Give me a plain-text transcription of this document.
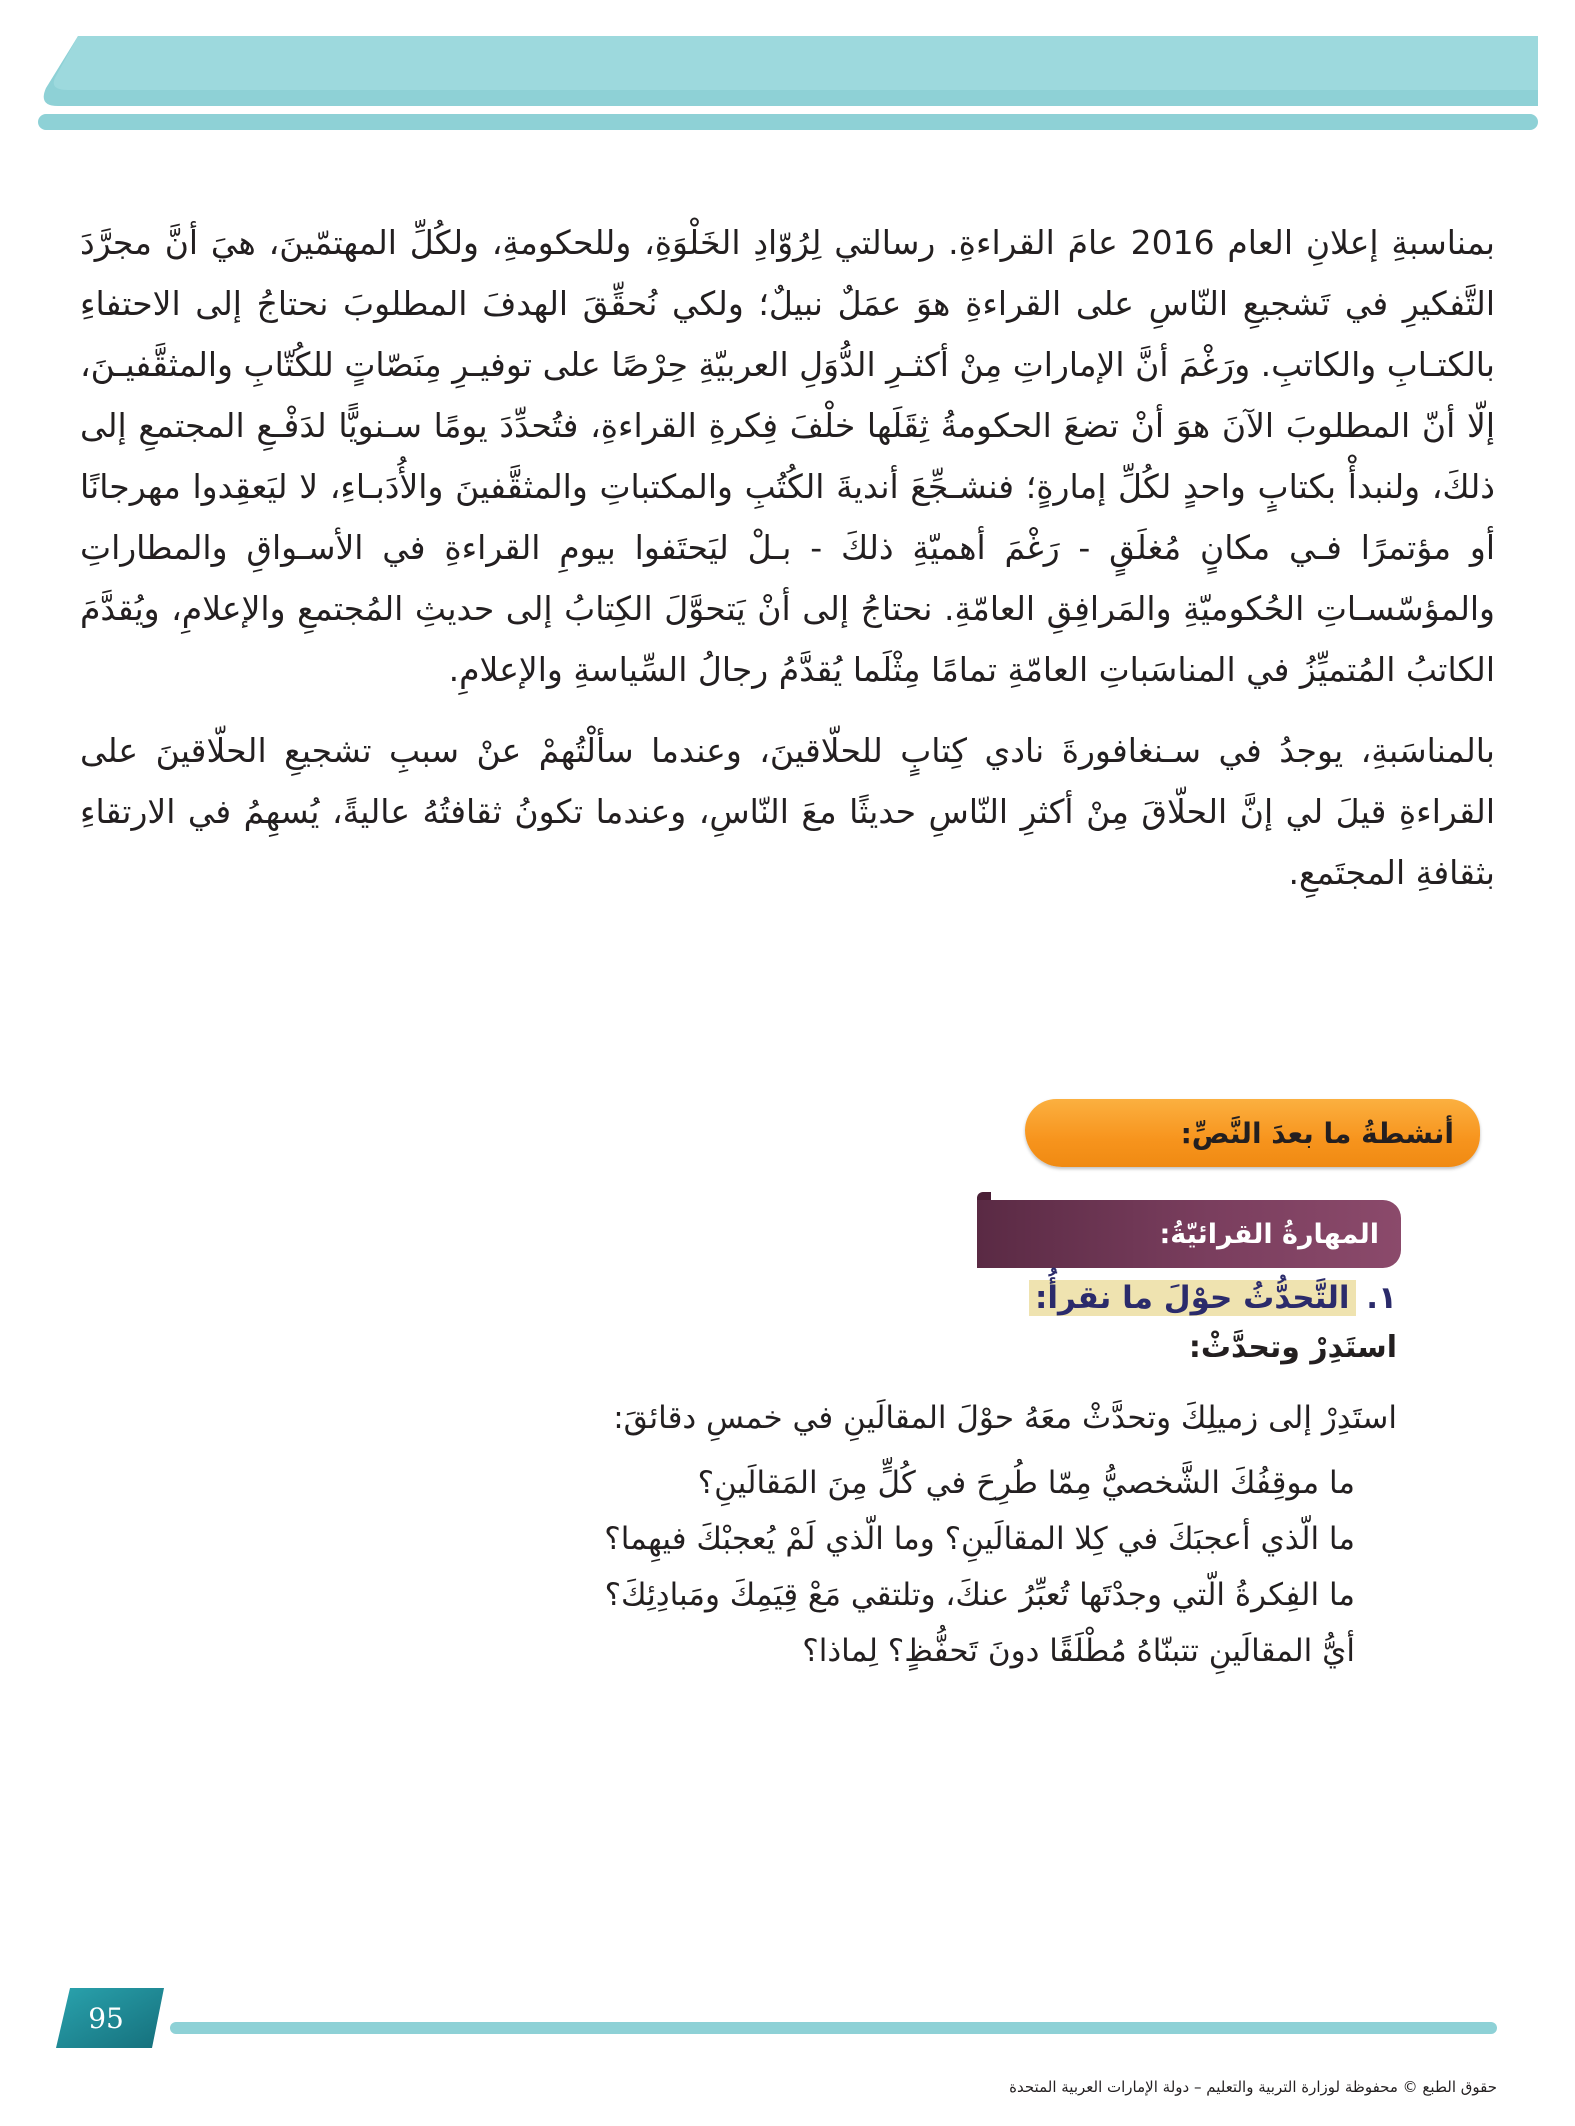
بمناسبةِ إعلانِ العام 2016 عامَ القراءةِ. رسالتي لِرُوّادِ الخَلْوَةِ، وللحكومةِ، ولكُلِّ المهتمّينَ، هيَ أنَّ مجرَّدَ التَّفكيرِ في تَشجيعِ النّاسِ على القراءةِ هوَ عمَلٌ نبيلٌ؛ ولكي نُحقِّقَ الهدفَ المطلوبَ نحتاجُ إلى الاحتفاءِ بالكتـابِ والكاتبِ. ورَغْمَ أنَّ الإماراتِ مِنْ أكثـرِ الدُّوَلِ العربيّةِ حِرْصًا على توفيـرِ مِنَصّاتٍ للكُتّابِ والمثقَّفيـنَ، إلّا أنّ المطلوبَ الآنَ هوَ أنْ تضعَ الحكومةُ ثِقَلَها خلْفَ فِكرةِ القراءةِ، فتُحدِّدَ يومًا سـنويًّا لدَفْـعِ المجتمعِ إلى ذلكَ، ولنبدأْ بكتابٍ واحدٍ لكُلِّ إمارةٍ؛ فنشـجِّعَ أنديةَ الكُتُبِ والمكتباتِ والمثقَّفينَ والأُدَبـاءِ، لا ليَعقِدوا مهرجانًا أو مؤتمرًا فـي مكانٍ مُغلَقٍ - رَغْمَ أهميّةِ ذلكَ - بـلْ ليَحتَفوا بيومِ القراءةِ في الأسـواقِ والمطاراتِ والمؤسّسـاتِ الحُكوميّةِ والمَرافِقِ العامّةِ. نحتاجُ إلى أنْ يَتحوَّلَ الكِتابُ إلى حديثِ المُجتمعِ والإعلامِ، ويُقدَّمَ الكاتبُ المُتميِّزُ في المناسَباتِ العامّةِ تمامًا مِثْلَما يُقدَّمُ رجالُ السِّياسةِ والإعلامِ.

بالمناسَبةِ، يوجدُ في سـنغافورةَ نادي كِتابٍ للحلّاقينَ، وعندما سألْتُهمْ عنْ سببِ تشجيعِ الحلّاقينَ على القراءةِ قيلَ لي إنَّ الحلّاقَ مِنْ أكثرِ النّاسِ حديثًا معَ النّاسِ، وعندما تكونُ ثقافتُهُ عاليةً، يُسهِمُ في الارتقاءِ بثقافةِ المجتَمعِ.

أنشطةُ ما بعدَ النَّصِّ:
المهارةُ القرائيّةُ:
١. التَّحدُّثُ حوْلَ ما نقرأُ:
استَدِرْ وتحدَّثْ:
استَدِرْ إلى زميلِكَ وتحدَّثْ معَهُ حوْلَ المقالَينِ في خمسِ دقائقَ:
ما موقِفُكَ الشَّخصيُّ مِمّا طُرِحَ في كُلٍّ مِنَ المَقالَينِ؟
ما الّذي أعجبَكَ في كِلا المقالَينِ؟ وما الّذي لَمْ يُعجبْكَ فيهِما؟
ما الفِكرةُ الّتي وجدْتَها تُعبِّرُ عنكَ، وتلتقي مَعْ قِيَمِكَ ومَبادِئِكَ؟
أيُّ المقالَينِ تتبنّاهُ مُطْلَقًا دونَ تَحفُّظٍ؟ لِماذا؟
95
حقوق الطبع © محفوظة لوزارة التربية والتعليم – دولة الإمارات العربية المتحدة
